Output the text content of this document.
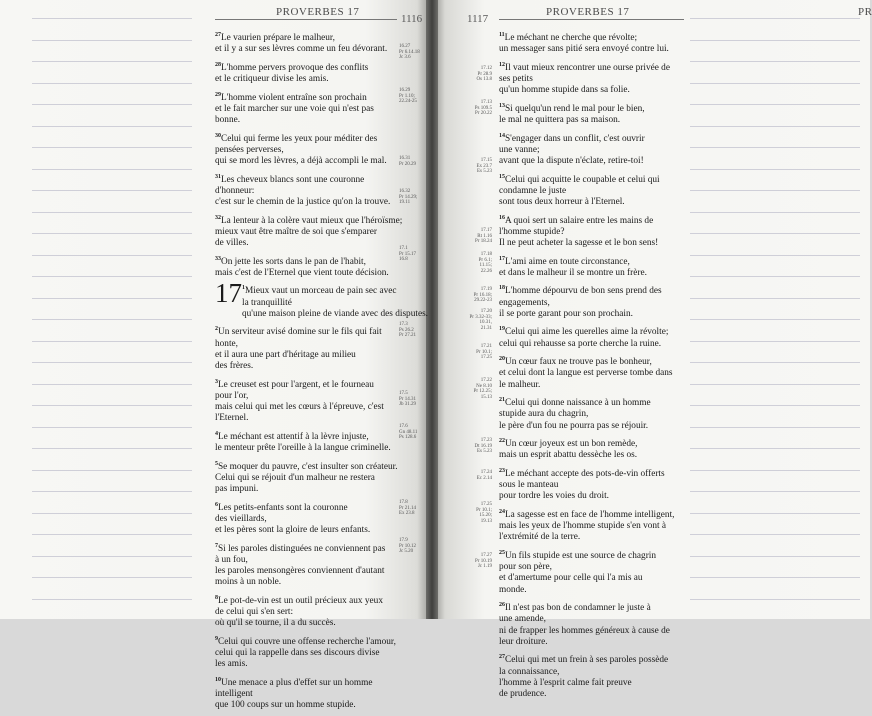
PROVERBES 17
1116
PROVERBES 17
1117
PR

$^{27}$Le vaurien prépare le malheur,

et il y a sur ses lèvres comme un feu dévorant.

$^{28}$L'homme pervers provoque des conflits

et le critiqueur divise les amis.

$^{29}$L'homme violent entraîne son prochain

et le fait marcher sur une voie qui n'est pas

bonne.

$^{30}$Celui qui ferme les yeux pour méditer des

pensées perverses,

qui se mord les lèvres, a déjà accompli le mal.

$^{31}$Les cheveux blancs sont une couronne

d'honneur:

c'est sur le chemin de la justice qu'on la trouve.

$^{32}$La lenteur à la colère vaut mieux que l'héroïsme;

mieux vaut être maître de soi que s'emparer

de villes.

$^{33}$On jette les sorts dans le pan de l'habit,

mais c'est de l'Eternel que vient toute décision.

17 $^1$Mieux vaut un morceau de pain sec avec

la tranquillité

qu'une maison pleine de viande avec des disputes.

$^2$Un serviteur avisé domine sur le fils qui fait

honte,

et il aura une part d'héritage au milieu

des frères.

$^3$Le creuset est pour l'argent, et le fourneau

pour l'or,

mais celui qui met les cœurs à l'épreuve, c'est

l'Eternel.

$^4$Le méchant est attentif à la lèvre injuste,

le menteur prête l'oreille à la langue criminelle.

$^5$Se moquer du pauvre, c'est insulter son créateur.

Celui qui se réjouit d'un malheur ne restera

pas impuni.

$^6$Les petits-enfants sont la couronne

des vieillards,

et les pères sont la gloire de leurs enfants.

$^7$Si les paroles distinguées ne conviennent pas

à un fou,

les paroles mensongères conviennent d'autant

moins à un noble.

$^8$Le pot-de-vin est un outil précieux aux yeux

de celui qui s'en sert:

où qu'il se tourne, il a du succès.

$^9$Celui qui couvre une offense recherche l'amour,

celui qui la rappelle dans ses discours divise

les amis.

$^{10}$Une menace a plus d'effet sur un homme

intelligent

que 100 coups sur un homme stupide.

$^{11}$Le méchant ne cherche que révolte;

un messager sans pitié sera envoyé contre lui.

$^{12}$Il vaut mieux rencontrer une ourse privée de

ses petits

qu'un homme stupide dans sa folie.

$^{13}$Si quelqu'un rend le mal pour le bien,

le mal ne quittera pas sa maison.

$^{14}$S'engager dans un conflit, c'est ouvrir

une vanne;

avant que la dispute n'éclate, retire-toi!

$^{15}$Celui qui acquitte le coupable et celui qui

condamne le juste

sont tous deux horreur à l'Eternel.

$^{16}$A quoi sert un salaire entre les mains de

l'homme stupide?

Il ne peut acheter la sagesse et le bon sens!

$^{17}$L'ami aime en toute circonstance,

et dans le malheur il se montre un frère.

$^{18}$L'homme dépourvu de bon sens prend des

engagements,

il se porte garant pour son prochain.

$^{19}$Celui qui aime les querelles aime la révolte;

celui qui rehausse sa porte cherche la ruine.

$^{20}$Un cœur faux ne trouve pas le bonheur,

et celui dont la langue est perverse tombe dans

le malheur.

$^{21}$Celui qui donne naissance à un homme

stupide aura du chagrin,

le père d'un fou ne pourra pas se réjouir.

$^{22}$Un cœur joyeux est un bon remède,

mais un esprit abattu dessèche les os.

$^{23}$Le méchant accepte des pots-de-vin offerts

sous le manteau

pour tordre les voies du droit.

$^{24}$La sagesse est en face de l'homme intelligent,

mais les yeux de l'homme stupide s'en vont à

l'extrémité de la terre.

$^{25}$Un fils stupide est une source de chagrin

pour son père,

et d'amertume pour celle qui l'a mis au

monde.

$^{26}$Il n'est pas bon de condamner le juste à

une amende,

ni de frapper les hommes généreux à cause de

leur droiture.

$^{27}$Celui qui met un frein à ses paroles possède

la connaissance,

l'homme à l'esprit calme fait preuve

de prudence.

16.27
Pr 6.14.18
Jc 3.6
16.29
Pr 1.10;
22.24-25
16.31
Pr 20.29
16.32
Pr 14.29;
19.11
17.1
Pr 15.17
16.8
17.3
Ps 26.2
Pr 27.21
17.5
Pr 14.31
Jb 31.29
17.6
Gn 48.11
Ps 128.6
17.8
Pr 21.14
Ex 23.8
17.9
Pr 10.12
Jc 5.20
17.12
Pr 28.9
Os 13.8
17.13
Ps 109.5
Pr 20.22
17.15
Ex 23.7
Es 5.23
17.17
Rt 1.16
Pr 18.24
17.18
Pr 6.1;
11.15;
22.26
17.19
Pr 16.18;
29.22-23
17.20
Pr 3.32-33;
10.31,
21.31
17.21
Pr 10.1;
17.25
17.22
Ne 8.10
Pr 12.25;
15.13
17.23
Dt 16.19
Es 5.23
17.24
Ec 2.14
17.25
Pr 10.1;
15.20;
19.13
17.27
Pr 10.19
Jc 1.19
